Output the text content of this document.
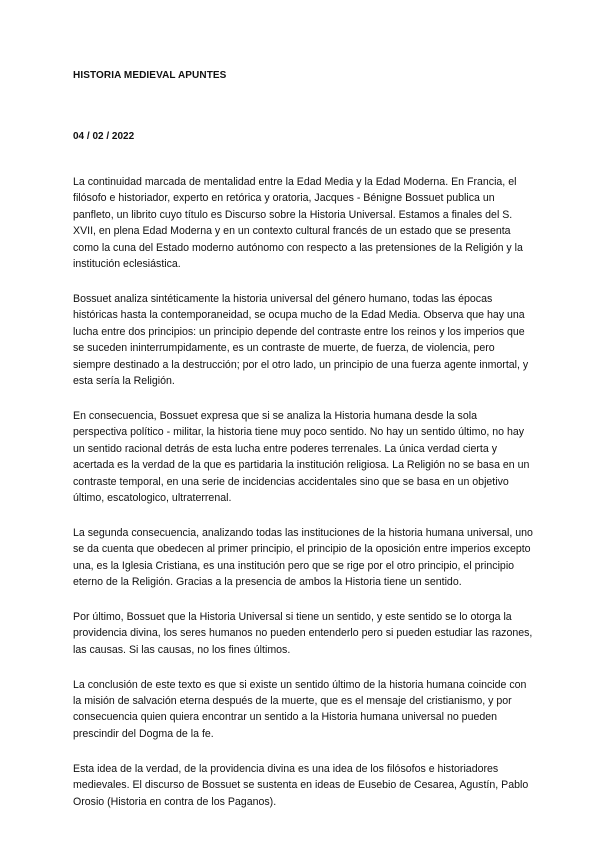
HISTORIA MEDIEVAL APUNTES
04 / 02 / 2022

La continuidad marcada de mentalidad entre la Edad Media y la Edad Moderna. En Francia, el filósofo e historiador, experto en retórica y oratoria, Jacques - Bénigne Bossuet publica un panfleto, un librito cuyo título es Discurso sobre la Historia Universal. Estamos a finales del S. XVII, en plena Edad Moderna y en un contexto cultural francés de un estado que se presenta como la cuna del Estado moderno autónomo con respecto a las pretensiones de la Religión y la institución eclesiástica.

Bossuet analiza sintéticamente la historia universal del género humano, todas las épocas históricas hasta la contemporaneidad, se ocupa mucho de la Edad Media. Observa que hay una lucha entre dos principios: un principio depende del contraste entre los reinos y los imperios que se suceden ininterrumpidamente, es un contraste de muerte, de fuerza, de violencia, pero siempre destinado a la destrucción; por el otro lado, un principio de una fuerza agente inmortal, y esta sería la Religión.

En consecuencia, Bossuet expresa que si se analiza la Historia humana desde la sola perspectiva político - militar, la historia tiene muy poco sentido. No hay un sentido último, no hay un sentido racional detrás de esta lucha entre poderes terrenales. La única verdad cierta y acertada es la verdad de la que es partidaria la institución religiosa. La Religión no se basa en un contraste temporal, en una serie de incidencias accidentales sino que se basa en un objetivo último, escatologico, ultraterrenal.

La segunda consecuencia, analizando todas las instituciones de la historia humana universal, uno se da cuenta que obedecen al primer principio, el principio de la oposición entre imperios excepto una, es la Iglesia Cristiana, es una institución pero que se rige por el otro principio, el principio eterno de la Religión. Gracias a la presencia de ambos la Historia tiene un sentido.

Por último, Bossuet que la Historia Universal si tiene un sentido, y este sentido se lo otorga la providencia divina, los seres humanos no pueden entenderlo pero si pueden estudiar las razones, las causas. Si las causas, no los fines últimos.

La conclusión de este texto es que si existe un sentido último de la historia humana coincide con la misión de salvación eterna después de la muerte, que es el mensaje del cristianismo, y por consecuencia quien quiera encontrar un sentido a la Historia humana universal no pueden prescindir del Dogma de la fe.

Esta idea de la verdad, de la providencia divina es una idea de los filósofos e historiadores medievales. El discurso de Bossuet se sustenta en ideas de Eusebio de Cesarea, Agustín, Pablo Orosio (Historia en contra de los Paganos).
